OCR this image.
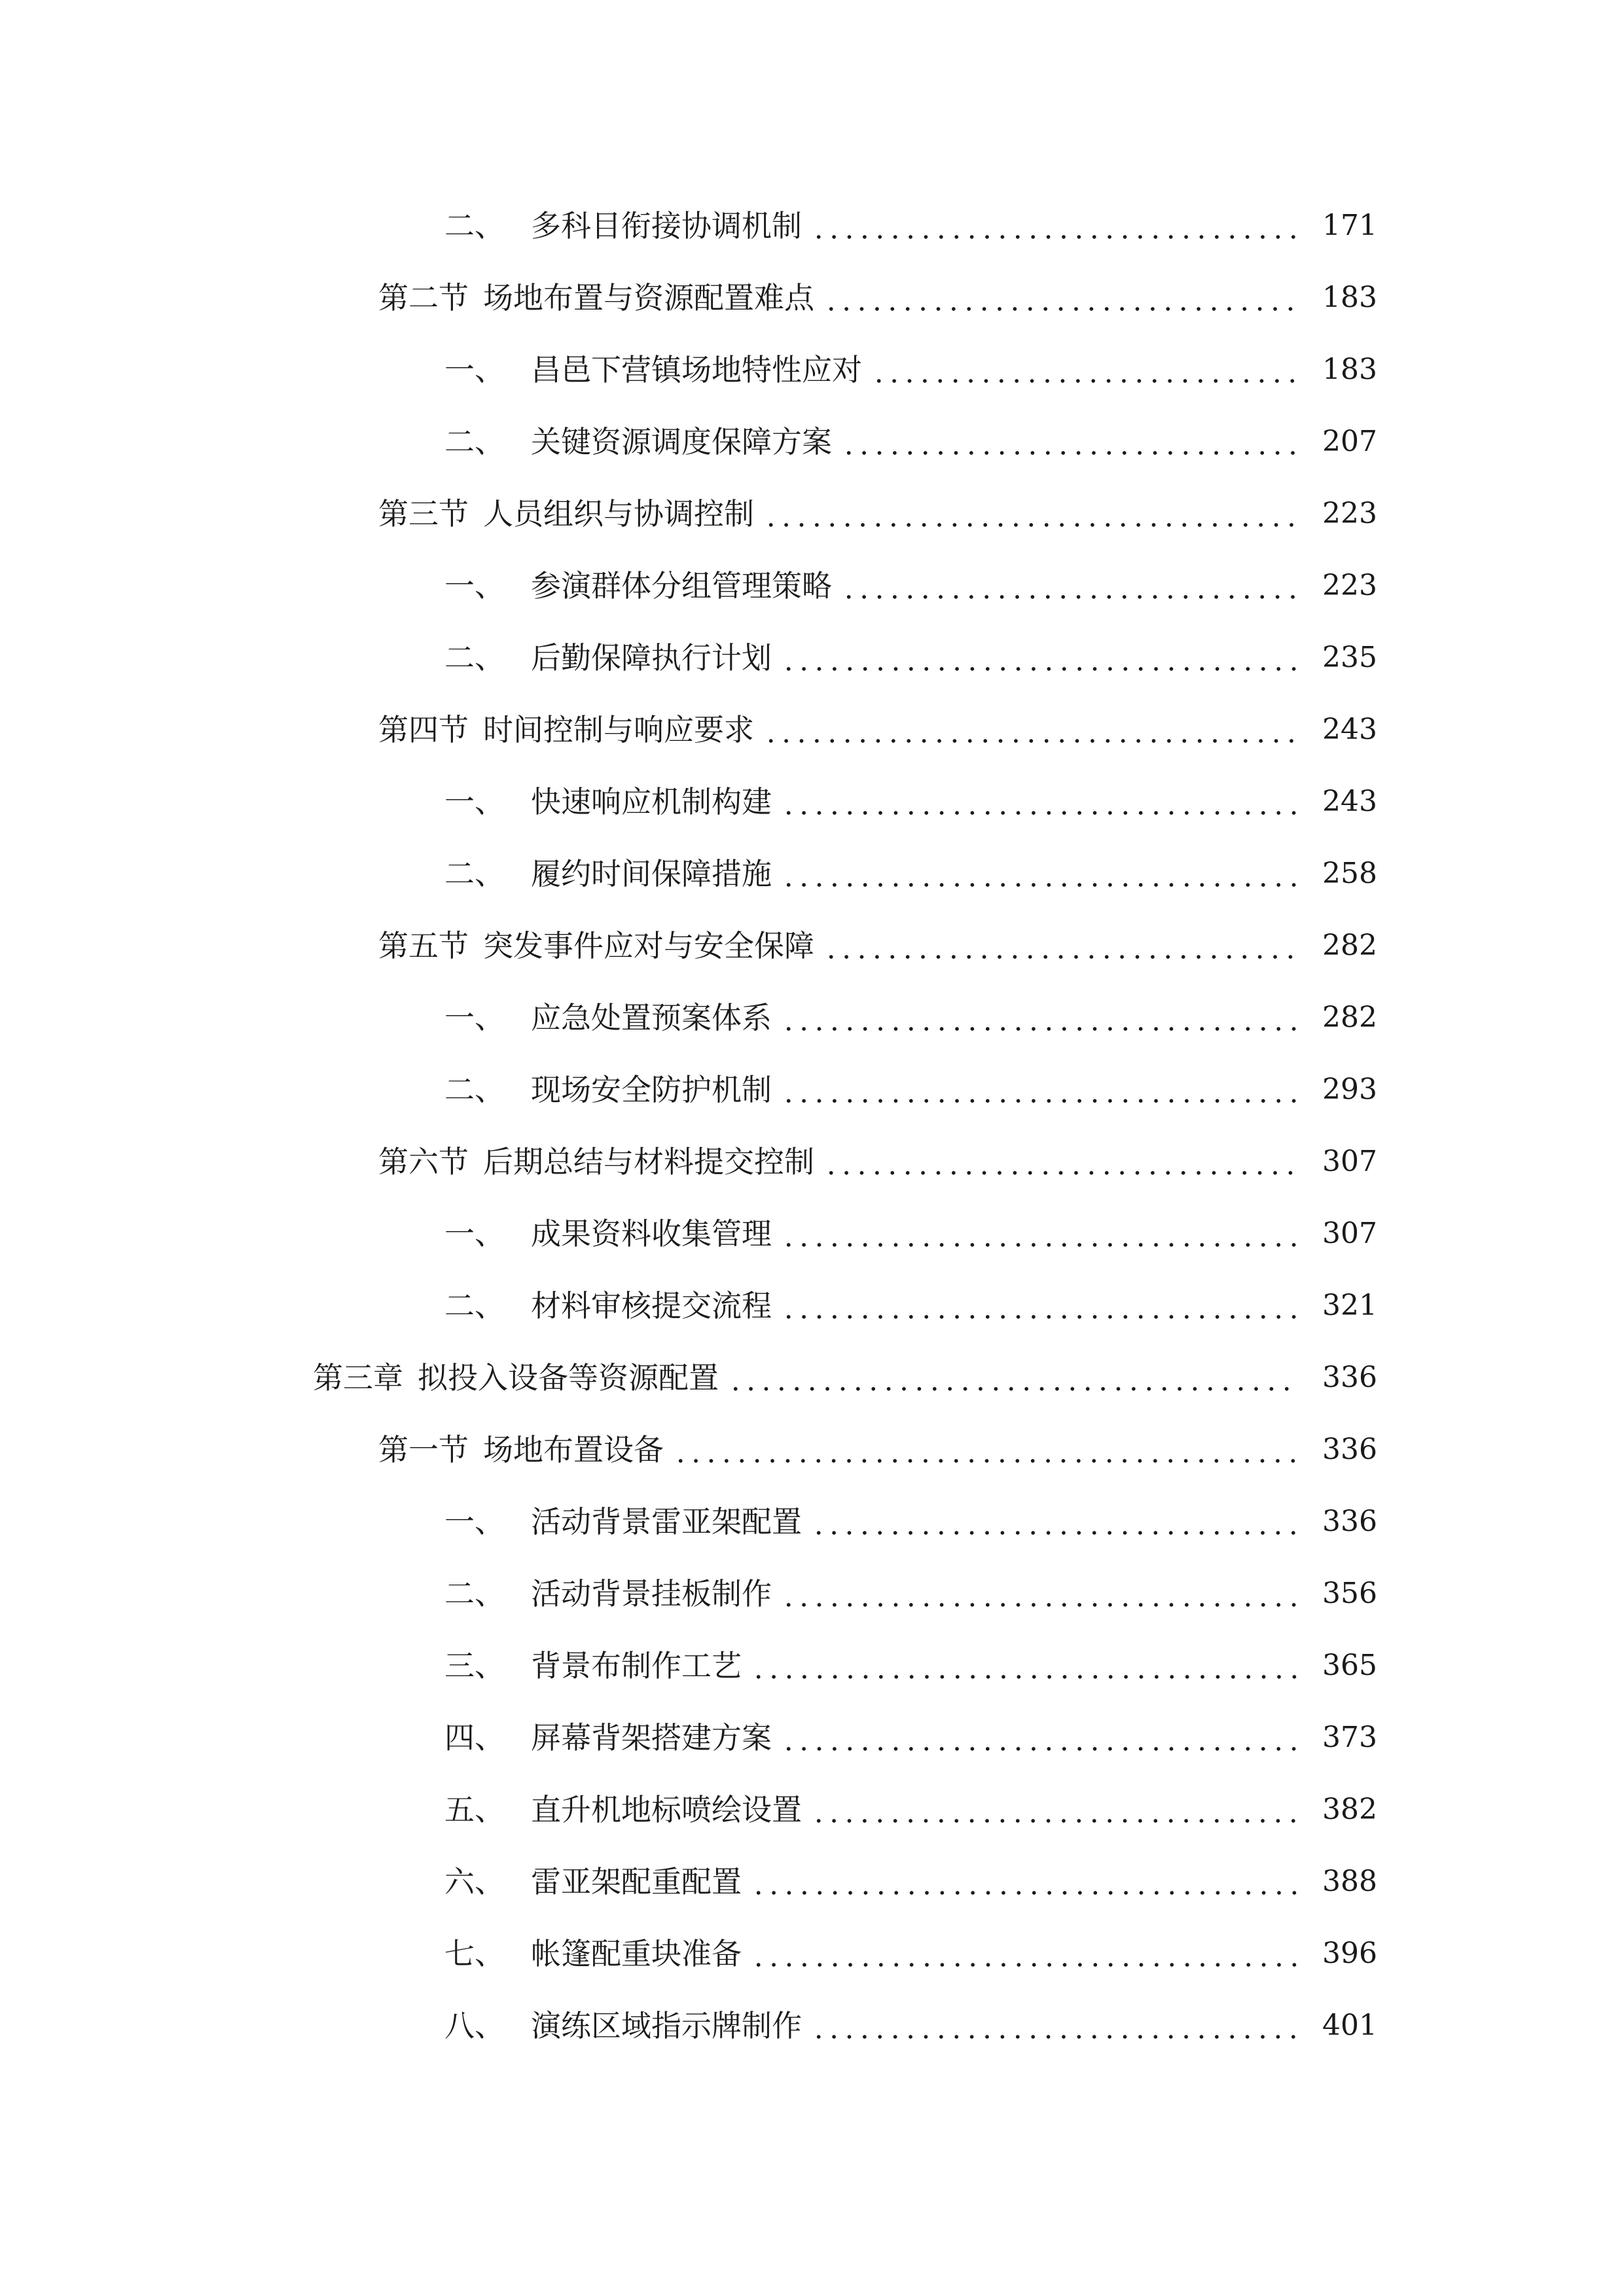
二、 多科目衔接协调机制	171
第二节 场地布置与资源配置难点	183
一、 昌邑下营镇场地特性应对	183
二、 关键资源调度保障方案	207
第三节 人员组织与协调控制	223
一、 参演群体分组管理策略	223
二、 后勤保障执行计划	235
第四节 时间控制与响应要求	243
一、 快速响应机制构建	243
二、 履约时间保障措施	258
第五节 突发事件应对与安全保障	282
一、 应急处置预案体系	282
二、 现场安全防护机制	293
第六节 后期总结与材料提交控制	307
一、 成果资料收集管理	307
二、 材料审核提交流程	321
第三章 拟投入设备等资源配置	336
第一节 场地布置设备	336
一、 活动背景雷亚架配置	336
二、 活动背景挂板制作	356
三、 背景布制作工艺	365
四、 屏幕背架搭建方案	373
五、 直升机地标喷绘设置	382
六、 雷亚架配重配置	388
七、 帐篷配重块准备	396
八、 演练区域指示牌制作	401
